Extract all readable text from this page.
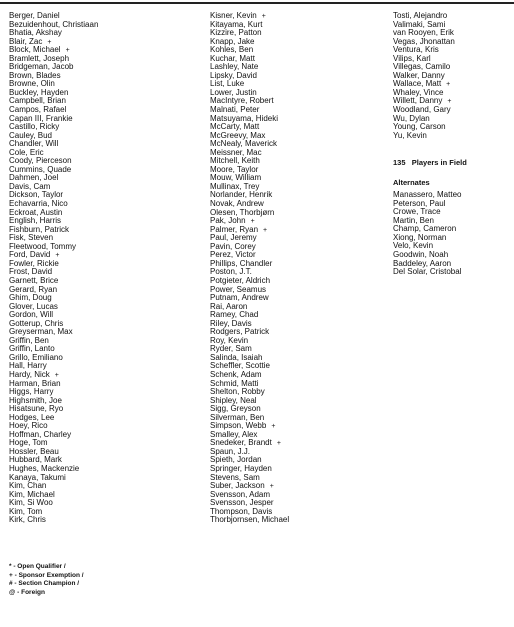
Berger, Daniel
Bezuidenhout, Christiaan
Bhatia, Akshay
Blair, Zac +
Block, Michael +
Bramlett, Joseph
Bridgeman, Jacob
Brown, Blades
Browne, Olin
Buckley, Hayden
Campbell, Brian
Campos, Rafael
Capan III, Frankie
Castillo, Ricky
Cauley, Bud
Chandler, Will
Cole, Eric
Coody, Pierceson
Cummins, Quade
Dahmen, Joel
Davis, Cam
Dickson, Taylor
Echavarria, Nico
Eckroat, Austin
English, Harris
Fishburn, Patrick
Fisk, Steven
Fleetwood, Tommy
Ford, David +
Fowler, Rickie
Frost, David
Garnett, Brice
Gerard, Ryan
Ghim, Doug
Glover, Lucas
Gordon, Will
Gotterup, Chris
Greyserman, Max
Griffin, Ben
Griffin, Lanto
Grillo, Emiliano
Hall, Harry
Hardy, Nick +
Harman, Brian
Higgs, Harry
Highsmith, Joe
Hisatsune, Ryo
Hodges, Lee
Hoey, Rico
Hoffman, Charley
Hoge, Tom
Hossler, Beau
Hubbard, Mark
Hughes, Mackenzie
Kanaya, Takumi
Kim, Chan
Kim, Michael
Kim, Si Woo
Kim, Tom
Kirk, Chris
Kisner, Kevin +
Kitayama, Kurt
Kizzire, Patton
Knapp, Jake
Kohles, Ben
Kuchar, Matt
Lashley, Nate
Lipsky, David
List, Luke
Lower, Justin
MacIntyre, Robert
Malnati, Peter
Matsuyama, Hideki
McCarty, Matt
McGreevy, Max
McNealy, Maverick
Meissner, Mac
Mitchell, Keith
Moore, Taylor
Mouw, William
Mullinax, Trey
Norlander, Henrik
Novak, Andrew
Olesen, Thorbjørn
Pak, John +
Palmer, Ryan +
Paul, Jeremy
Pavin, Corey
Perez, Victor
Phillips, Chandler
Poston, J.T.
Potgieter, Aldrich
Power, Seamus
Putnam, Andrew
Rai, Aaron
Ramey, Chad
Riley, Davis
Rodgers, Patrick
Roy, Kevin
Ryder, Sam
Salinda, Isaiah
Scheffler, Scottie
Schenk, Adam
Schmid, Matti
Shelton, Robby
Shipley, Neal
Sigg, Greyson
Silverman, Ben
Simpson, Webb +
Smalley, Alex
Snedeker, Brandt +
Spaun, J.J.
Spieth, Jordan
Springer, Hayden
Stevens, Sam
Suber, Jackson +
Svensson, Adam
Svensson, Jesper
Thompson, Davis
Thorbjornsen, Michael
Tosti, Alejandro
Valimaki, Sami
van Rooyen, Erik
Vegas, Jhonattan
Ventura, Kris
Vilips, Karl
Villegas, Camilo
Walker, Danny
Wallace, Matt +
Whaley, Vince
Willett, Danny +
Woodland, Gary
Wu, Dylan
Young, Carson
Yu, Kevin
135 Players in Field
Alternates
Manassero, Matteo
Peterson, Paul
Crowe, Trace
Martin, Ben
Champ, Cameron
Xiong, Norman
Velo, Kevin
Goodwin, Noah
Baddeley, Aaron
Del Solar, Cristobal
* - Open Qualifier /
+ - Sponsor Exemption /
# - Section Champion /
@ - Foreign
